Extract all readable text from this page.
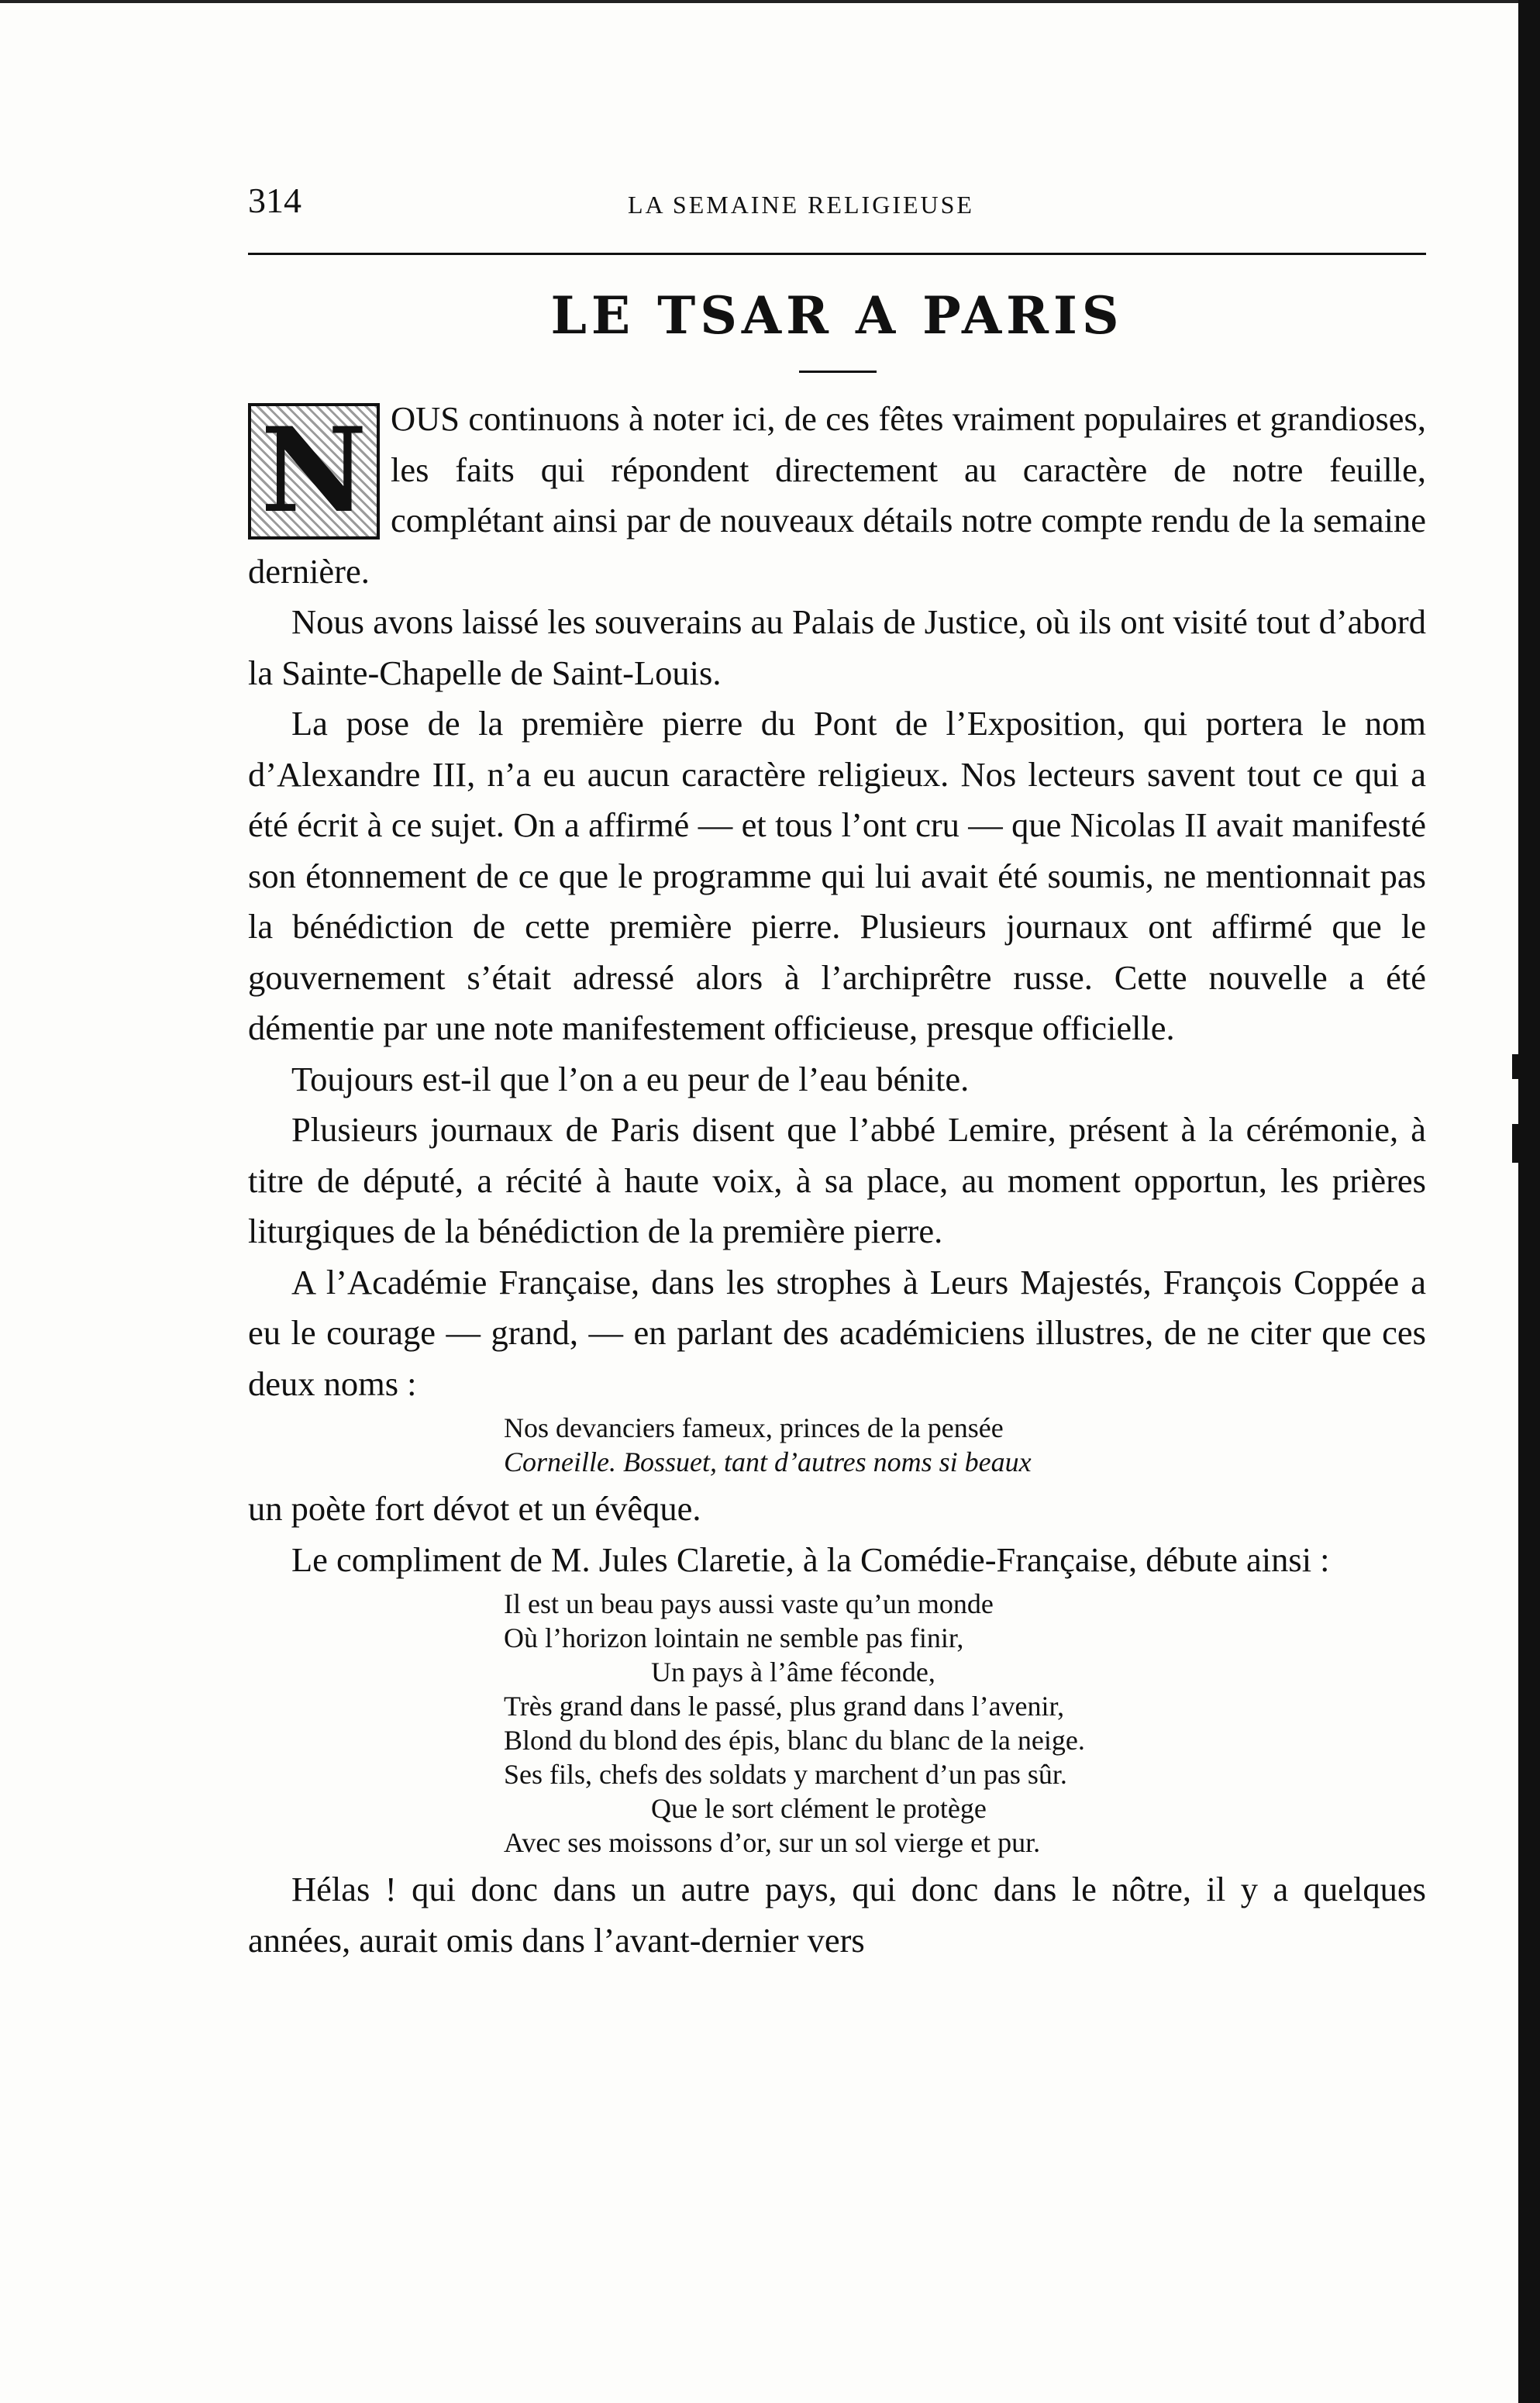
314	LA SEMAINE RELIGIEUSE
LE TSAR A PARIS

N OUS continuons à noter ici, de ces fêtes vraiment populaires et grandioses, les faits qui répondent directement au caractère de notre feuille, complétant ainsi par de nouveaux détails notre compte rendu de la semaine dernière.

Nous avons laissé les souverains au Palais de Justice, où ils ont visité tout d’abord la Sainte-Chapelle de Saint-Louis.

La pose de la première pierre du Pont de l’Exposition, qui portera le nom d’Alexandre III, n’a eu aucun caractère religieux. Nos lecteurs savent tout ce qui a été écrit à ce sujet. On a affirmé — et tous l’ont cru — que Nicolas II avait manifesté son étonnement de ce que le programme qui lui avait été soumis, ne mentionnait pas la bénédiction de cette première pierre. Plusieurs journaux ont affirmé que le gouvernement s’était adressé alors à l’archiprêtre russe. Cette nouvelle a été démentie par une note manifestement officieuse, presque officielle.

Toujours est-il que l’on a eu peur de l’eau bénite.

Plusieurs journaux de Paris disent que l’abbé Lemire, présent à la cérémonie, à titre de député, a récité à haute voix, à sa place, au moment opportun, les prières liturgiques de la bénédiction de la première pierre.

A l’Académie Française, dans les strophes à Leurs Majestés, François Coppée a eu le courage — grand, — en parlant des académiciens illustres, de ne citer que ces deux noms :

Nos devanciers fameux, princes de la pensée
Corneille. Bossuet, tant d’autres noms si beaux

un poète fort dévot et un évêque.

Le compliment de M. Jules Claretie, à la Comédie-Française, débute ainsi :

Il est un beau pays aussi vaste qu’un monde
Où l’horizon lointain ne semble pas finir,
Un pays à l’âme féconde,
Très grand dans le passé, plus grand dans l’avenir,
Blond du blond des épis, blanc du blanc de la neige.
Ses fils, chefs des soldats y marchent d’un pas sûr.
Que le sort clément le protège
Avec ses moissons d’or, sur un sol vierge et pur.

Hélas ! qui donc dans un autre pays, qui donc dans le nôtre, il y a quelques années, aurait omis dans l’avant-dernier vers
